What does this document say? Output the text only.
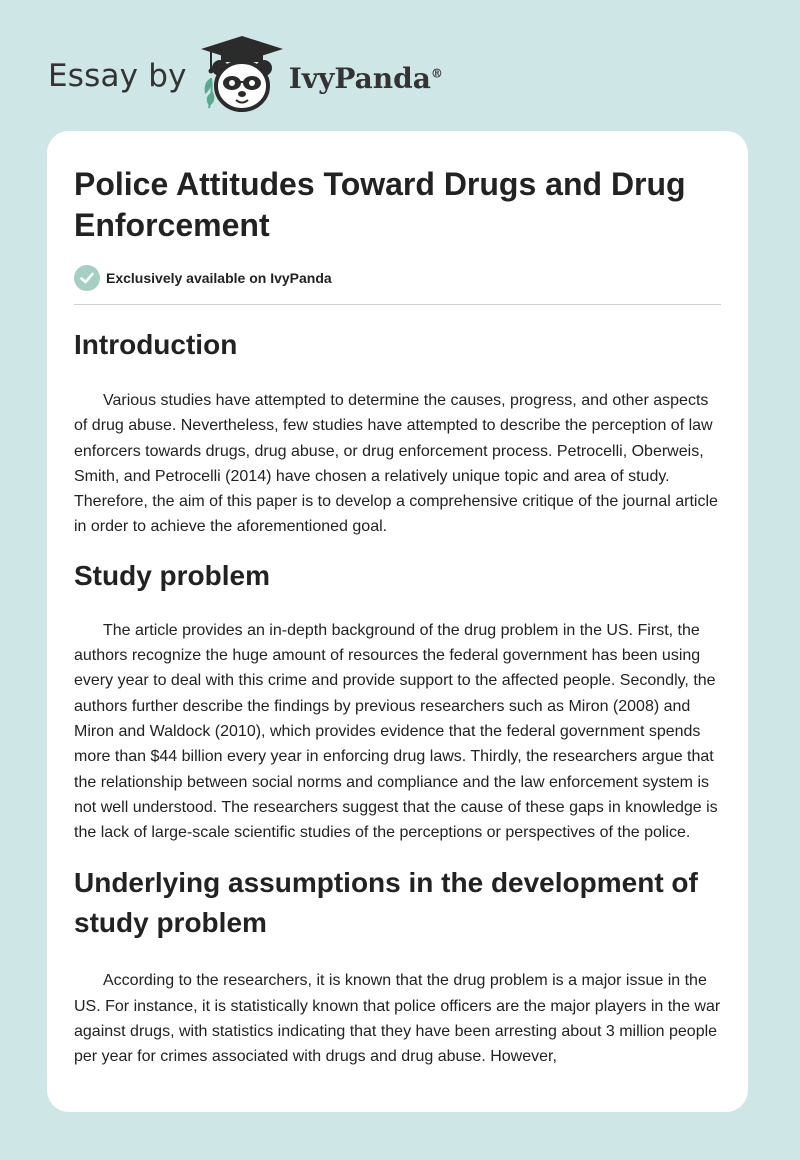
Essay by	IvyPanda®
Police Attitudes Toward Drugs and Drug Enforcement
Exclusively available on IvyPanda
Introduction

Various studies have attempted to determine the causes, progress, and other aspects of drug abuse. Nevertheless, few studies have attempted to describe the perception of law enforcers towards drugs, drug abuse, or drug enforcement process. Petrocelli, Oberweis, Smith, and Petrocelli (2014) have chosen a relatively unique topic and area of study. Therefore, the aim of this paper is to develop a comprehensive critique of the journal article in order to achieve the aforementioned goal.

Study problem

The article provides an in-depth background of the drug problem in the US. First, the authors recognize the huge amount of resources the federal government has been using every year to deal with this crime and provide support to the affected people. Secondly, the authors further describe the findings by previous researchers such as Miron (2008) and Miron and Waldock (2010), which provides evidence that the federal government spends more than $44 billion every year in enforcing drug laws. Thirdly, the researchers argue that the relationship between social norms and compliance and the law enforcement system is not well understood. The researchers suggest that the cause of these gaps in knowledge is the lack of large-scale scientific studies of the perceptions or perspectives of the police.

Underlying assumptions in the development of study problem

According to the researchers, it is known that the drug problem is a major issue in the US. For instance, it is statistically known that police officers are the major players in the war against drugs, with statistics indicating that they have been arresting about 3 million people per year for crimes associated with drugs and drug abuse. However,
